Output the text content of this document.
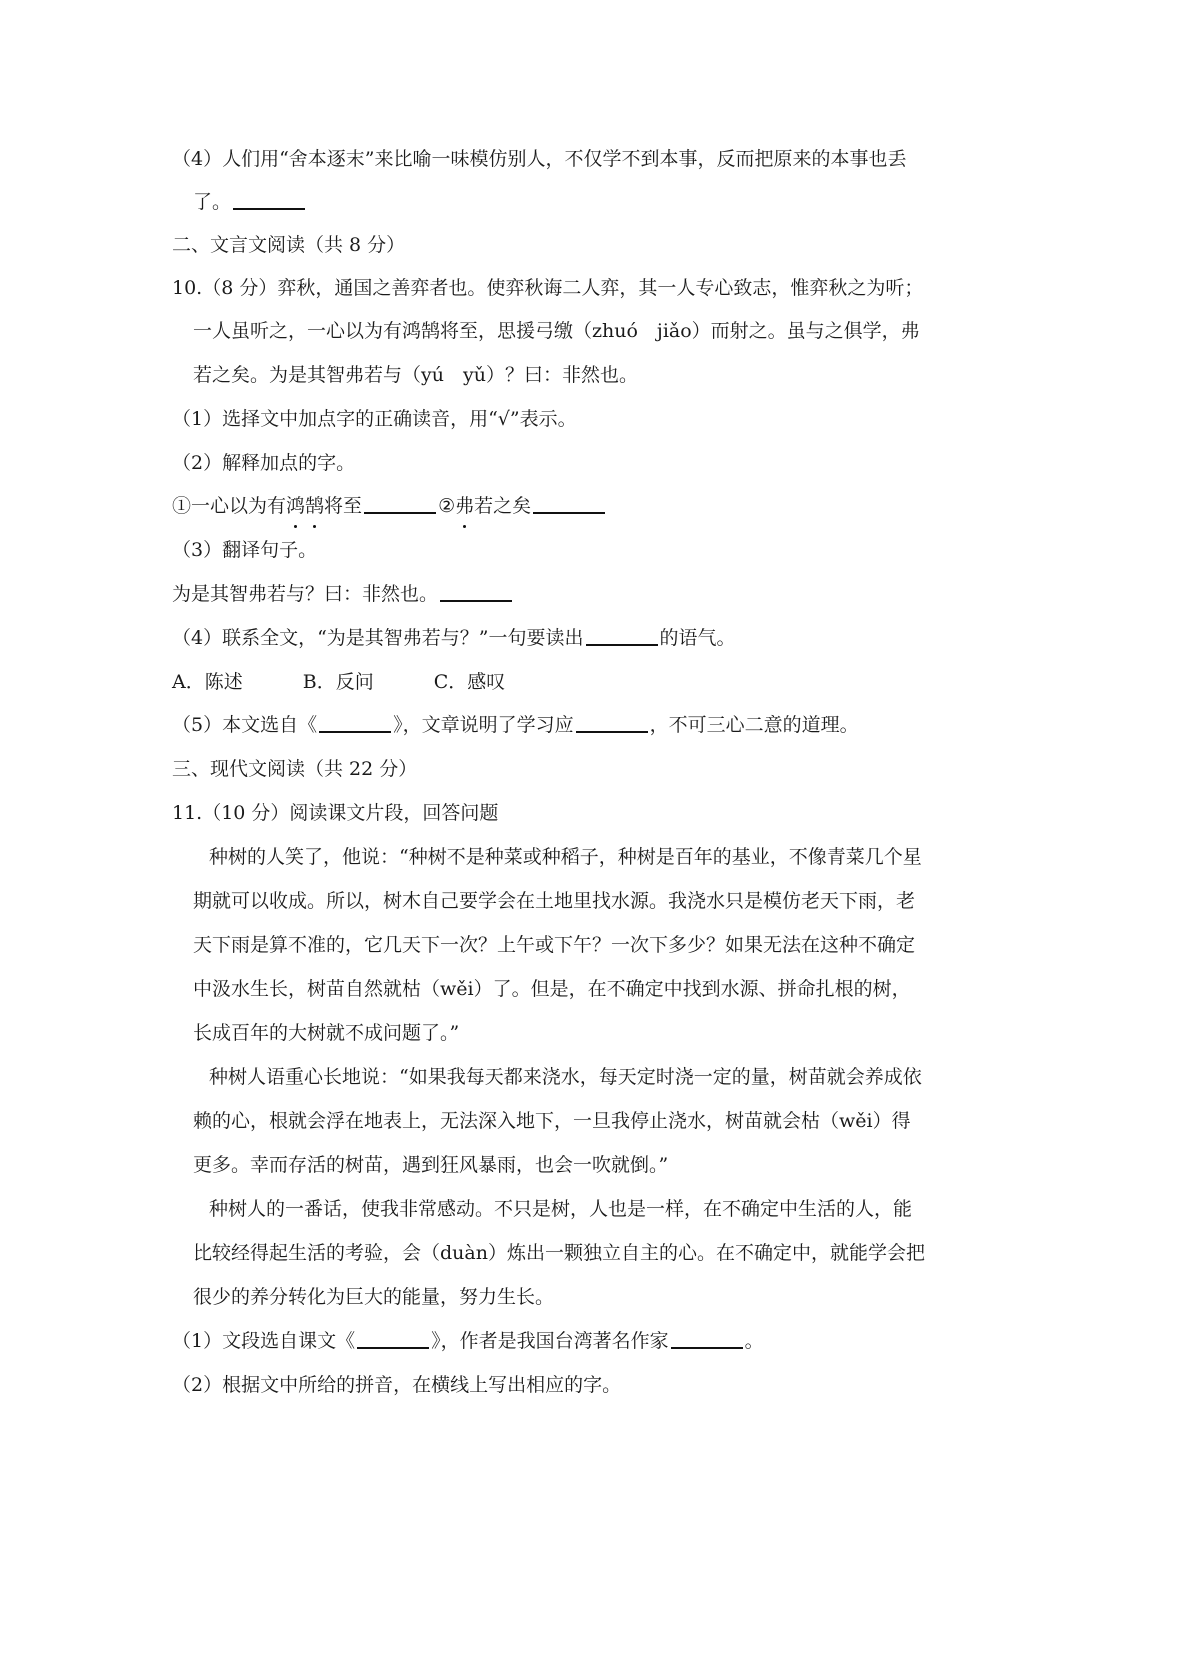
（4）人们用“舍本逐末”来比喻一味模仿别人，不仅学不到本事，反而把原来的本事也丢
了。
二、文言文阅读（共 8 分）
10.（8 分）弈秋，通国之善弈者也。使弈秋诲二人弈，其一人专心致志，惟弈秋之为听；
一人虽听之，一心以为有鸿鹄将至，思援弓缴（zhuó　jiǎo）而射之。虽与之俱学，弗
若之矣。为是其智弗若与（yú　yǔ）？曰：非然也。
（1）选择文中加点字的正确读音，用“√”表示。
（2）解释加点的字。
①一心以为有鸿鹄将至	②弗若之矣
（3）翻译句子。
为是其智弗若与？曰：非然也。
（4）联系全文，“为是其智弗若与？”一句要读出	的语气。
A．陈述	B．反问	C．感叹
（5）本文选自《	》，文章说明了学习应	，不可三心二意的道理。
三、现代文阅读（共 22 分）
11.（10 分）阅读课文片段，回答问题
种树的人笑了，他说：“种树不是种菜或种稻子，种树是百年的基业，不像青菜几个星
期就可以收成。所以，树木自己要学会在土地里找水源。我浇水只是模仿老天下雨，老
天下雨是算不准的，它几天下一次？上午或下午？一次下多少？如果无法在这种不确定
中汲水生长，树苗自然就枯（wěi）了。但是，在不确定中找到水源、拼命扎根的树，
长成百年的大树就不成问题了。”
种树人语重心长地说：“如果我每天都来浇水，每天定时浇一定的量，树苗就会养成依
赖的心，根就会浮在地表上，无法深入地下，一旦我停止浇水，树苗就会枯（wěi）得
更多。幸而存活的树苗，遇到狂风暴雨，也会一吹就倒。”
种树人的一番话，使我非常感动。不只是树，人也是一样，在不确定中生活的人，能
比较经得起生活的考验，会（duàn）炼出一颗独立自主的心。在不确定中，就能学会把
很少的养分转化为巨大的能量，努力生长。
（1）文段选自课文《	》，作者是我国台湾著名作家	。
（2）根据文中所给的拼音，在横线上写出相应的字。
